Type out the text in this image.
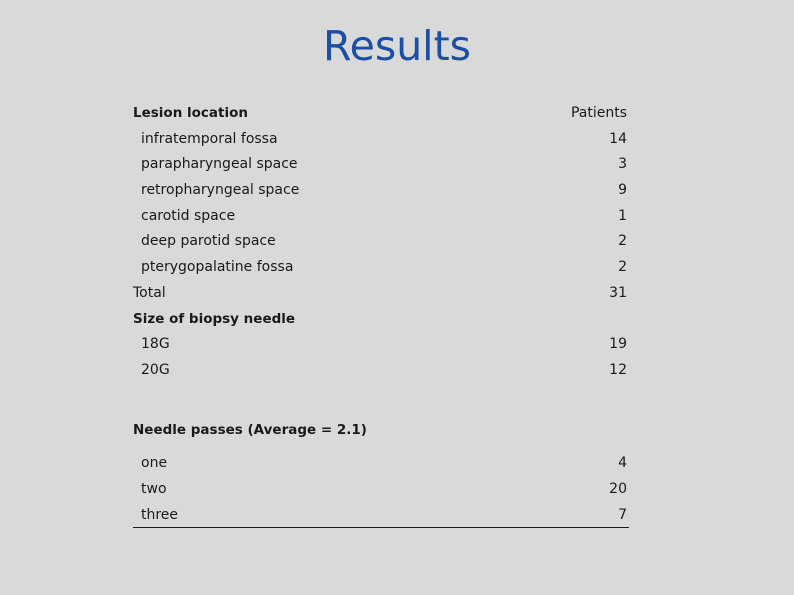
Results
Lesion location	Patients
infratemporal fossa	14
parapharyngeal space	3
retropharyngeal space	9
carotid space	1
deep parotid space	2
pterygopalatine fossa	2
Total	31
Size of biopsy needle
18G	19
20G	12
Needle passes (Average = 2.1)
one	4
two	20
three	7
